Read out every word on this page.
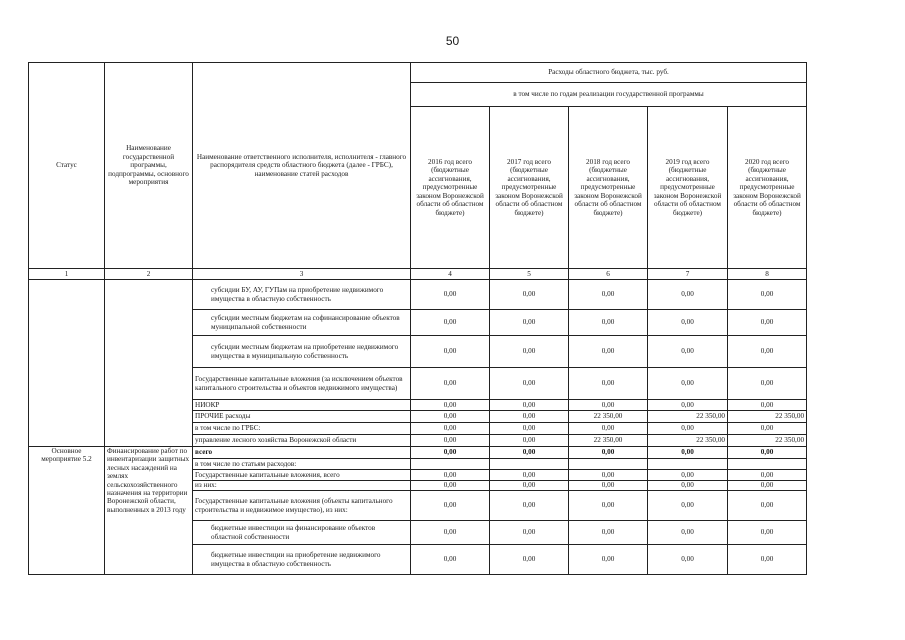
50
Статус	Наименование государственной программы, подпрограммы, основного мероприятия	Наименование ответственного исполнителя, исполнителя - главного распорядителя средств областного бюджета (далее - ГРБС), наименование статей расходов	Расходы областного бюджета, тыс. руб.				
			в том числе по годам реализации государственной программы				
			2016 год всего (бюджетные ассигнования, предусмотренные законом Воронежской области об областном бюджете)	2017 год всего (бюджетные ассигнования, предусмотренные законом Воронежской области об областном бюджете)	2018 год всего (бюджетные ассигнования, предусмотренные законом Воронежской области об областном бюджете)	2019 год всего (бюджетные ассигнования, предусмотренные законом Воронежской области об областном бюджете)	2020 год всего (бюджетные ассигнования, предусмотренные законом Воронежской области об областном бюджете)
1	2	3	4	5	6	7	8
		субсидии БУ, АУ, ГУПам на приобретение недвижимого имущества в областную собственность	0,00	0,00	0,00	0,00	0,00
		субсидии местным бюджетам на софинансирование объектов муниципальной собственности	0,00	0,00	0,00	0,00	0,00
		субсидии местным бюджетам на приобретение недвижимого имущества в муниципальную собственность	0,00	0,00	0,00	0,00	0,00
		Государственные капитальные вложения (за исключением объектов капитального строительства и объектов недвижимого имущества)	0,00	0,00	0,00	0,00	0,00
		НИОКР	0,00	0,00	0,00	0,00	0,00
		ПРОЧИЕ расходы	0,00	0,00	22 350,00	22 350,00	22 350,00
		в том числе по ГРБС:	0,00	0,00	0,00	0,00	0,00
		управление лесного хозяйства Воронежской области	0,00	0,00	22 350,00	22 350,00	22 350,00
Основное мероприятие 5.2	Финансирование работ по инвентаризации защитных лесных насаждений на землях сельскохозяйственного назначения на территории Воронежской области, выполненных в 2013 году	всего	0,00	0,00	0,00	0,00	0,00
		в том числе по статьям расходов:					
		Государственные капитальные вложения, всего	0,00	0,00	0,00	0,00	0,00
		из них:	0,00	0,00	0,00	0,00	0,00
		Государственные капитальные вложения (объекты капитального строительства и недвижимое имущество), из них:	0,00	0,00	0,00	0,00	0,00
		бюджетные инвестиции на финансирование объектов областной собственности	0,00	0,00	0,00	0,00	0,00
		бюджетные инвестиции на приобретение недвижимого имущества в областную собственность	0,00	0,00	0,00	0,00	0,00
